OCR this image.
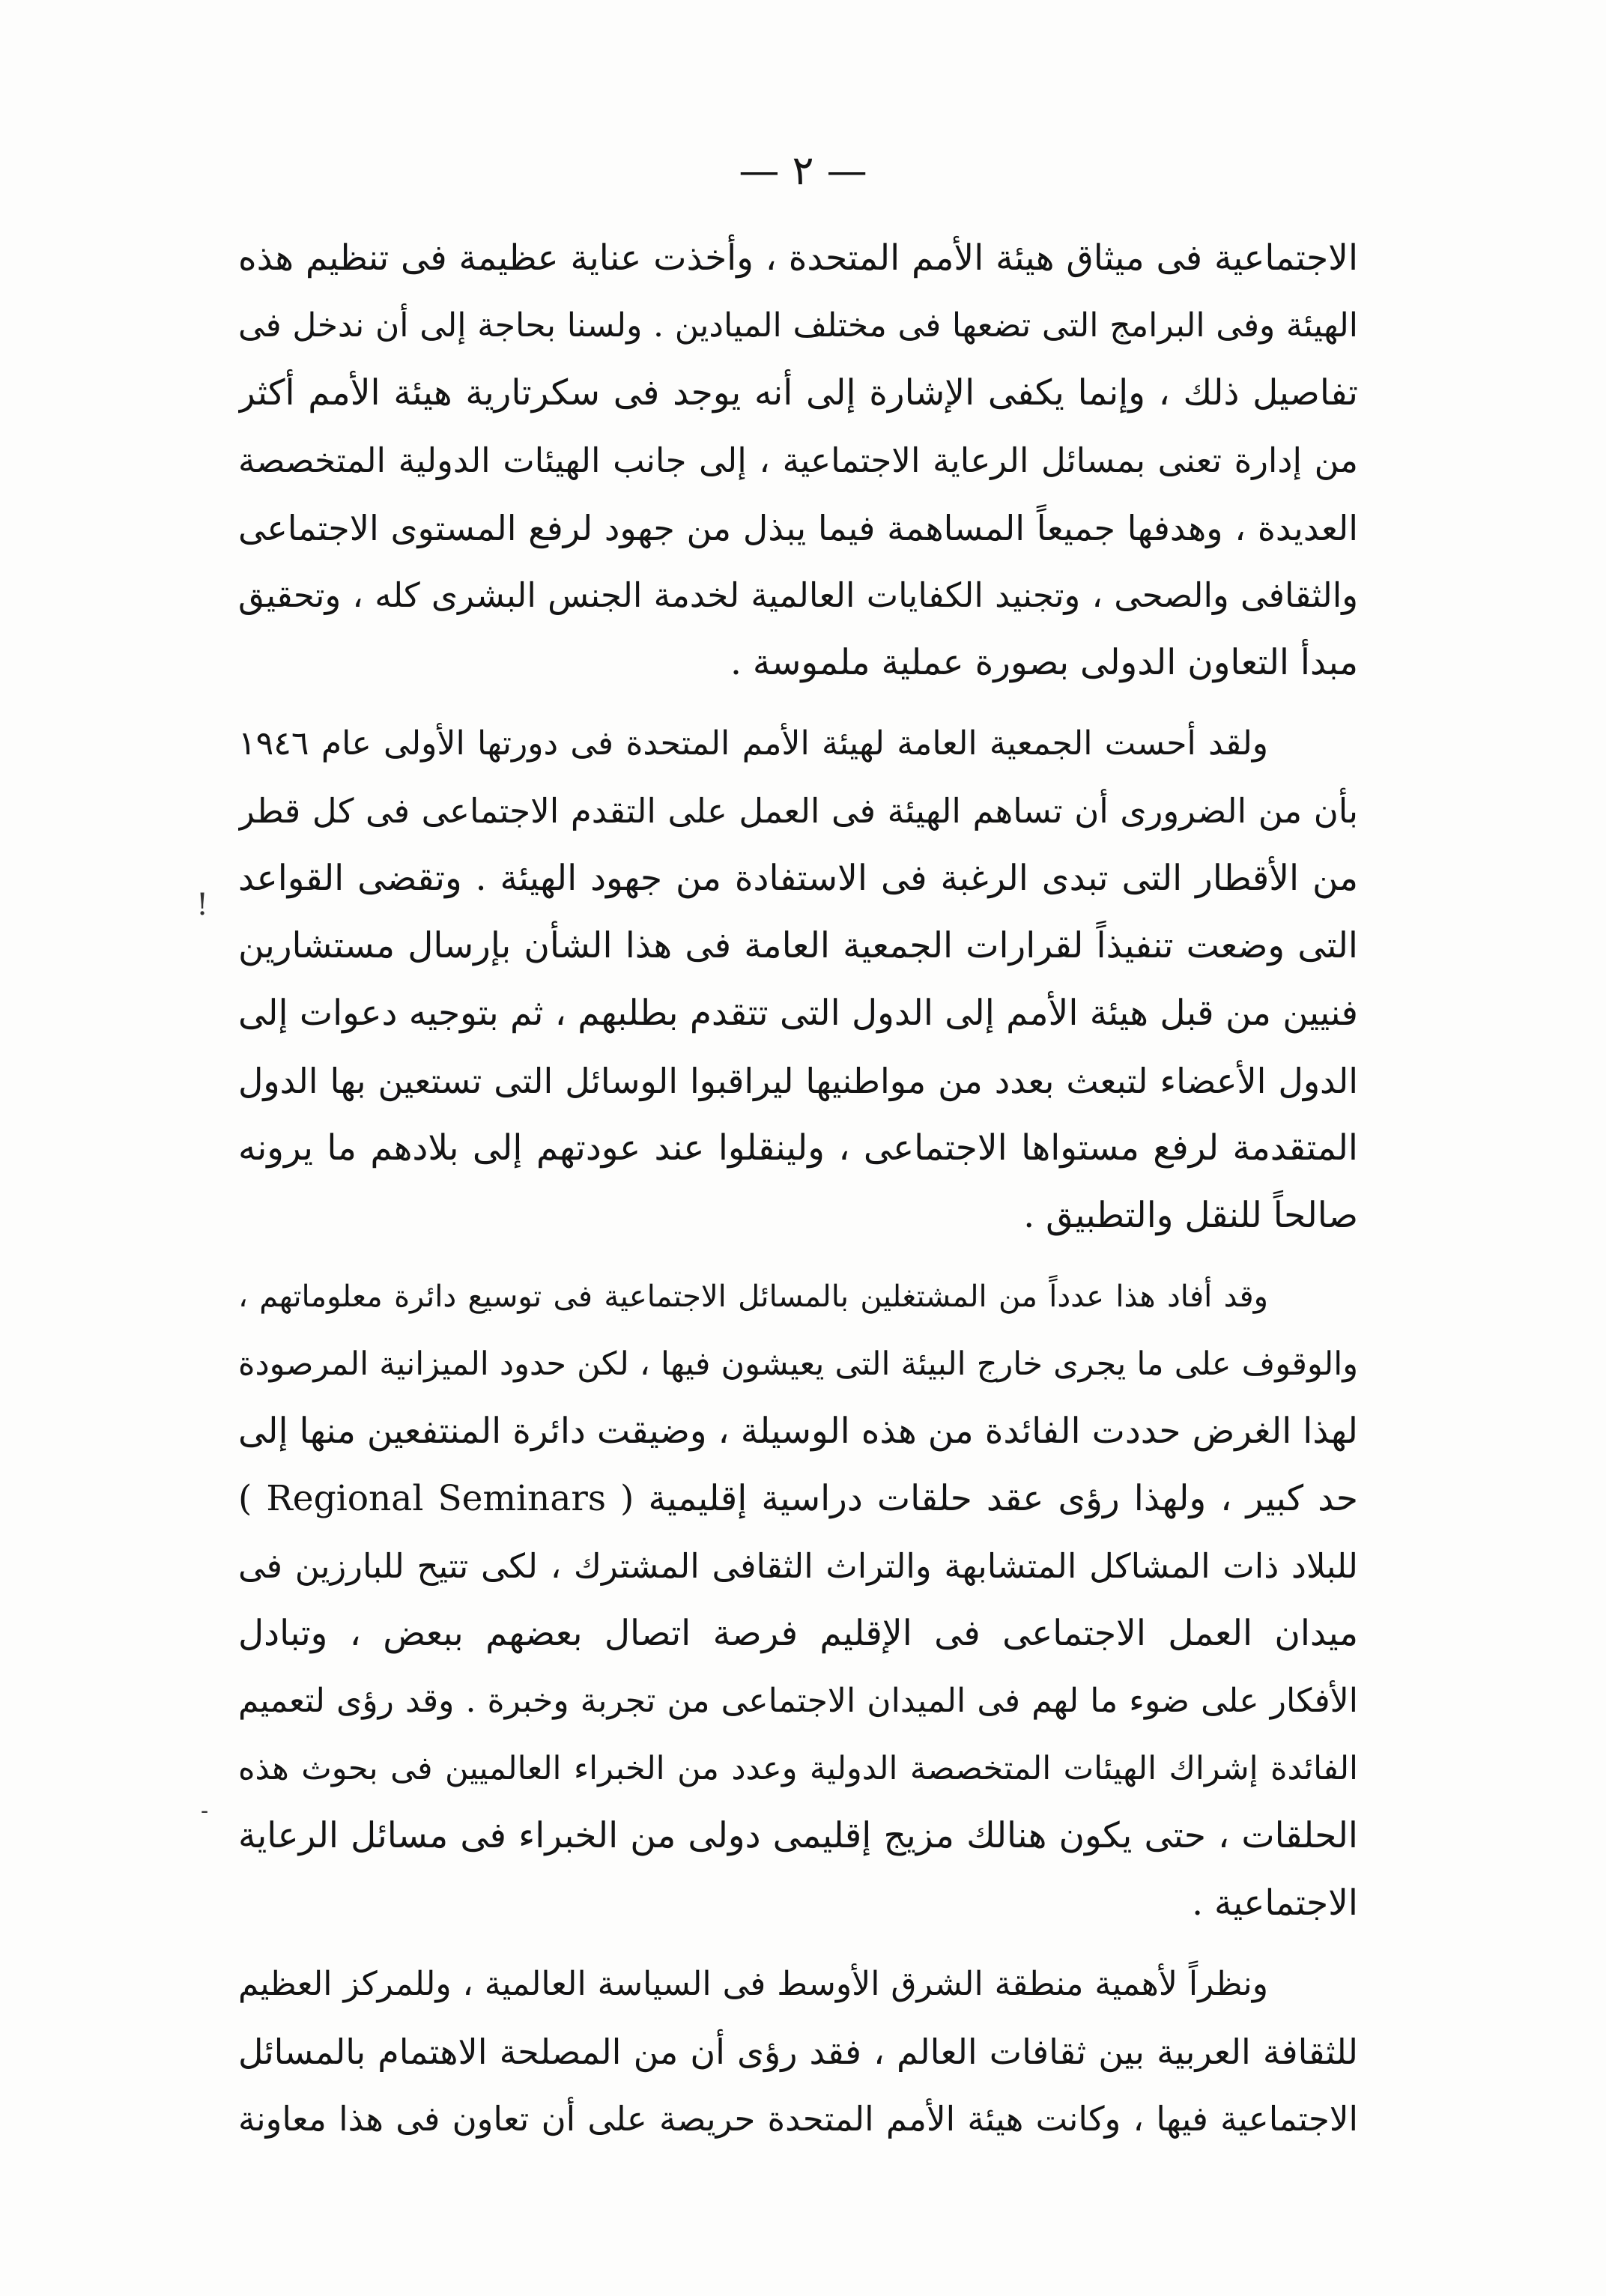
— ٢ —
!
-
الاجتماعية فى ميثاق هيئة الأمم المتحدة ، وأخذت عناية عظيمة فى تنظيم هذه
الهيئة وفى البرامج التى تضعها فى مختلف الميادين . ولسنا بحاجة إلى أن ندخل فى
تفاصيل ذلك ، وإنما يكفى الإشارة إلى أنه يوجد فى سكرتارية هيئة الأمم أكثر
من إدارة تعنى بمسائل الرعاية الاجتماعية ، إلى جانب الهيئات الدولية المتخصصة
العديدة ، وهدفها جميعاً المساهمة فيما يبذل من جهود لرفع المستوى الاجتماعى
والثقافى والصحى ، وتجنيد الكفايات العالمية لخدمة الجنس البشرى كله ، وتحقيق
مبدأ التعاون الدولى بصورة عملية ملموسة .
ولقد أحست الجمعية العامة لهيئة الأمم المتحدة فى دورتها الأولى عام ١٩٤٦
بأن من الضرورى أن تساهم الهيئة فى العمل على التقدم الاجتماعى فى كل قطر
من الأقطار التى تبدى الرغبة فى الاستفادة من جهود الهيئة . وتقضى القواعد
التى وضعت تنفيذاً لقرارات الجمعية العامة فى هذا الشأن بإرسال مستشارين
فنيين من قبل هيئة الأمم إلى الدول التى تتقدم بطلبهم ، ثم بتوجيه دعوات إلى
الدول الأعضاء لتبعث بعدد من مواطنيها ليراقبوا الوسائل التى تستعين بها الدول
المتقدمة لرفع مستواها الاجتماعى ، ولينقلوا عند عودتهم إلى بلادهم ما يرونه
صالحاً للنقل والتطبيق .
وقد أفاد هذا عدداً من المشتغلين بالمسائل الاجتماعية فى توسيع دائرة معلوماتهم ،
والوقوف على ما يجرى خارج البيئة التى يعيشون فيها ، لكن حدود الميزانية المرصودة
لهذا الغرض حددت الفائدة من هذه الوسيلة ، وضيقت دائرة المنتفعين منها إلى
حد كبير ، ولهذا رؤى عقد حلقات دراسية إقليمية ( Regional Seminars )
للبلاد ذات المشاكل المتشابهة والتراث الثقافى المشترك ، لكى تتيح للبارزين فى
ميدان العمل الاجتماعى فى الإقليم فرصة اتصال بعضهم ببعض ، وتبادل
الأفكار على ضوء ما لهم فى الميدان الاجتماعى من تجربة وخبرة . وقد رؤى لتعميم
الفائدة إشراك الهيئات المتخصصة الدولية وعدد من الخبراء العالميين فى بحوث هذه
الحلقات ، حتى يكون هنالك مزيج إقليمى دولى من الخبراء فى مسائل الرعاية
الاجتماعية .
ونظراً لأهمية منطقة الشرق الأوسط فى السياسة العالمية ، وللمركز العظيم
للثقافة العربية بين ثقافات العالم ، فقد رؤى أن من المصلحة الاهتمام بالمسائل
الاجتماعية فيها ، وكانت هيئة الأمم المتحدة حريصة على أن تعاون فى هذا معاونة
